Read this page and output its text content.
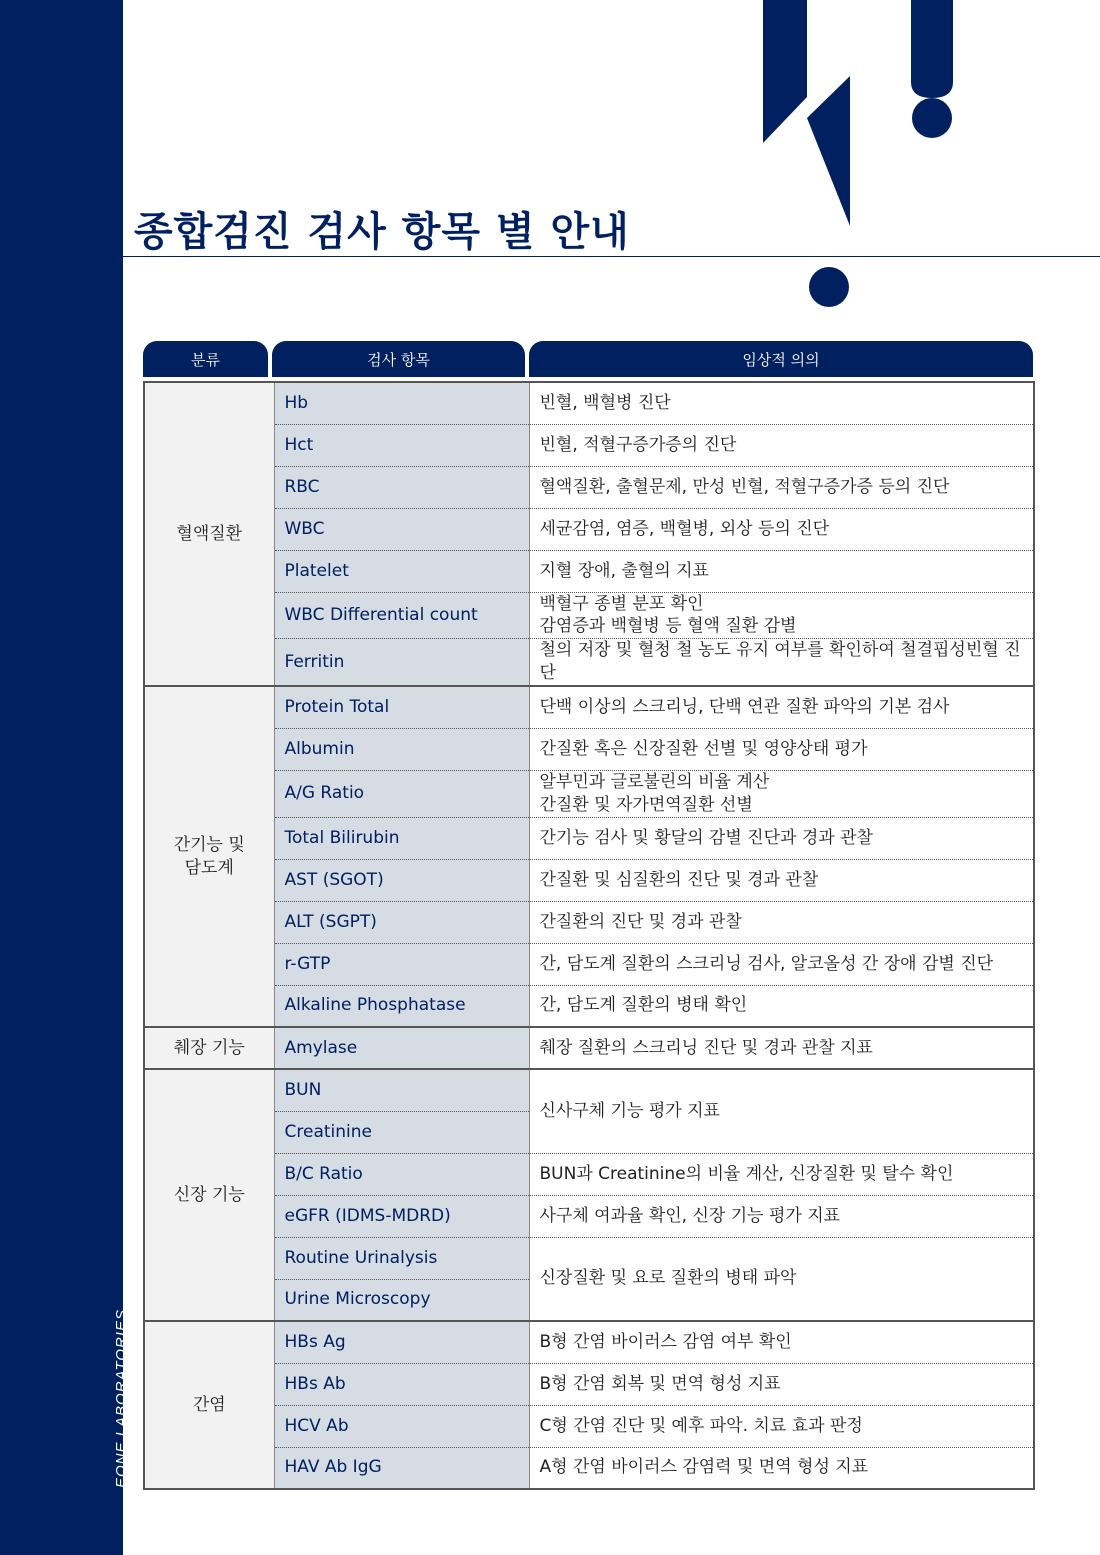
EONE LABORATORIES
종합검진 검사 항목 별 안내
분류	검사 항목	임상적 의의
혈액질환	Hb	빈혈, 백혈병 진단

	Hct	빈혈, 적혈구증가증의 진단

	RBC	혈액질환, 출혈문제, 만성 빈혈, 적혈구증가증 등의 진단

	WBC	세균감염, 염증, 백혈병, 외상 등의 진단

	Platelet	지혈 장애, 출혈의 지표

	WBC Differential count	백혈구 종별 분포 확인
감염증과 백혈병 등 혈액 질환 감별

	Ferritin	철의 저장 및 혈청 철 농도 유지 여부를 확인하여 철결핍성빈혈 진단

간기능 및
담도계	Protein Total	단백 이상의 스크리닝, 단백 연관 질환 파악의 기본 검사

	Albumin	간질환 혹은 신장질환 선별 및 영양상태 평가

	A/G Ratio	알부민과 글로불린의 비율 계산
간질환 및 자가면역질환 선별

	Total Bilirubin	간기능 검사 및 황달의 감별 진단과 경과 관찰

	AST (SGOT)	간질환 및 심질환의 진단 및 경과 관찰

	ALT (SGPT)	간질환의 진단 및 경과 관찰

	r-GTP	간, 담도계 질환의 스크리닝 검사, 알코올성 간 장애 감별 진단

	Alkaline Phosphatase	간, 담도계 질환의 병태 확인

췌장 기능	Amylase	췌장 질환의 스크리닝 진단 및 경과 관찰 지표

신장 기능	BUN	신사구체 기능 평가 지표

	Creatinine	
	B/C Ratio	BUN과 Creatinine의 비율 계산, 신장질환 및 탈수 확인

	eGFR (IDMS-MDRD)	사구체 여과율 확인, 신장 기능 평가 지표

	Routine Urinalysis	신장질환 및 요로 질환의 병태 파악

	Urine Microscopy	

간염	HBs Ag	B형 간염 바이러스 감염 여부 확인

	HBs Ab	B형 간염 회복 및 면역 형성 지표

	HCV Ab	C형 간염 진단 및 예후 파악. 치료 효과 판정

	HAV Ab IgG	A형 간염 바이러스 감염력 및 면역 형성 지표
